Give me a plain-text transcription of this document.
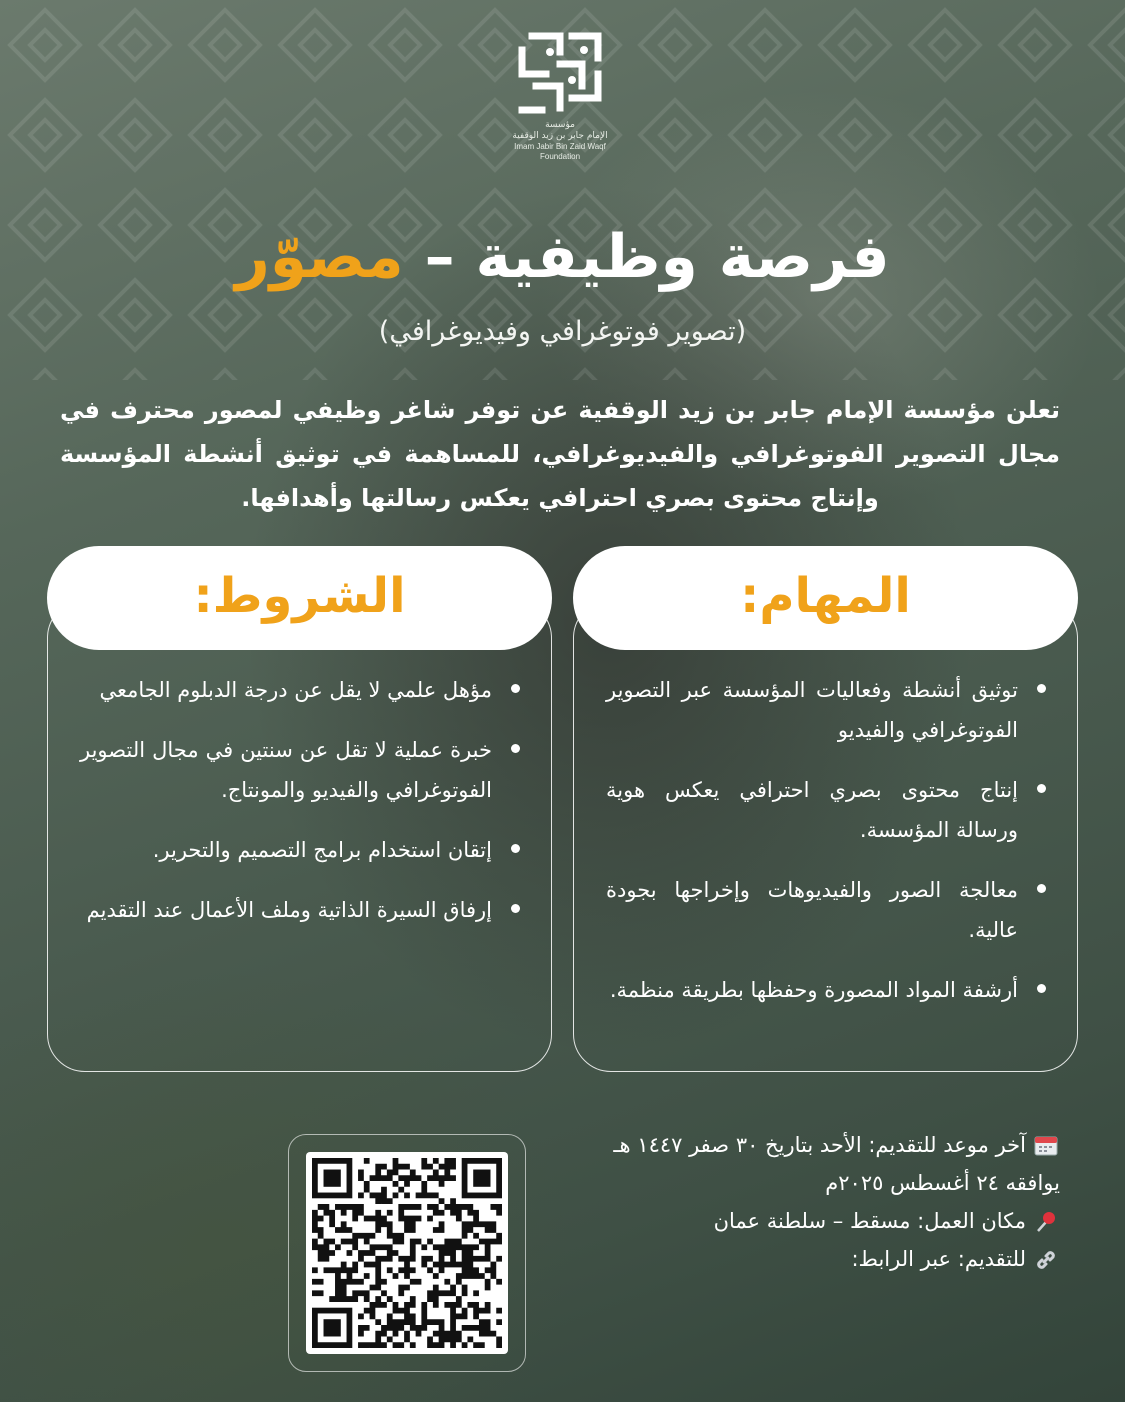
مؤسسة
الإمام جابر بن زيد الوقفية
Imam Jabir Bin Zaid Waqf
Foundation
فرصة وظيفية – مصوّر
(تصوير فوتوغرافي وفيديوغرافي)
تعلن مؤسسة الإمام جابر بن زيد الوقفية عن توفر شاغر وظيفي لمصور محترف في مجال التصوير الفوتوغرافي والفيديوغرافي، للمساهمة في توثيق أنشطة المؤسسة وإنتاج محتوى بصري احترافي يعكس رسالتها وأهدافها.
المهام:
توثيق أنشطة وفعاليات المؤسسة عبر التصوير الفوتوغرافي والفيديو
إنتاج محتوى بصري احترافي يعكس هوية ورسالة المؤسسة.
معالجة الصور والفيديوهات وإخراجها بجودة عالية.
أرشفة المواد المصورة وحفظها بطريقة منظمة.
الشروط:
مؤهل علمي لا يقل عن درجة الدبلوم الجامعي
خبرة عملية لا تقل عن سنتين في مجال التصوير الفوتوغرافي والفيديو والمونتاج.
إتقان استخدام برامج التصميم والتحرير.
إرفاق السيرة الذاتية وملف الأعمال عند التقديم
آخر موعد للتقديم: الأحد بتاريخ ٣٠ صفر ١٤٤٧ هـ
يوافقه ٢٤ أغسطس ٢٠٢٥م
مكان العمل: مسقط – سلطنة عمان
للتقديم: عبر الرابط:
